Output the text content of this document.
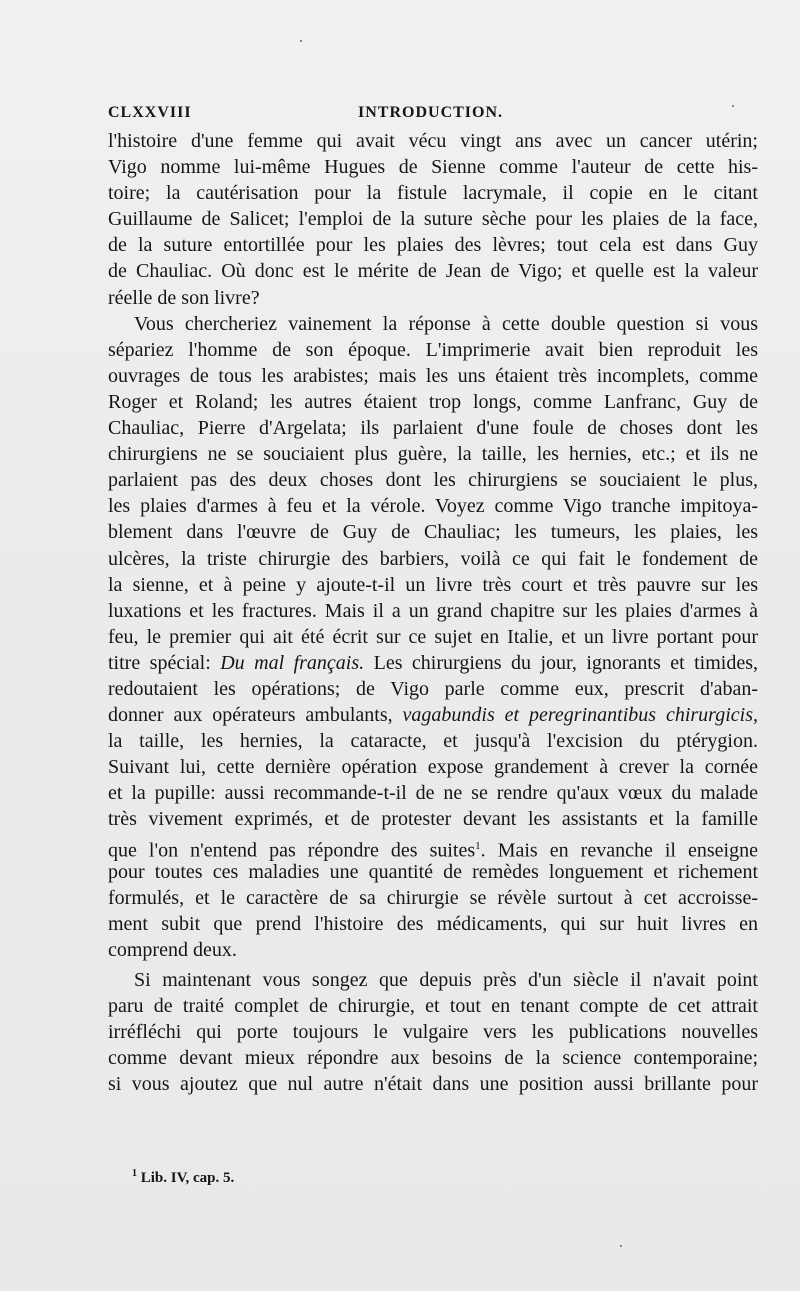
CLXXVIII	INTRODUCTION.
l'histoire d'une femme qui avait vécu vingt ans avec un cancer utérin;
Vigo nomme lui-même Hugues de Sienne comme l'auteur de cette his-
toire; la cautérisation pour la fistule lacrymale, il copie en le citant
Guillaume de Salicet; l'emploi de la suture sèche pour les plaies de la face,
de la suture entortillée pour les plaies des lèvres; tout cela est dans Guy
de Chauliac. Où donc est le mérite de Jean de Vigo; et quelle est la valeur
réelle de son livre?
Vous chercheriez vainement la réponse à cette double question si vous
sépariez l'homme de son époque. L'imprimerie avait bien reproduit les
ouvrages de tous les arabistes; mais les uns étaient très incomplets, comme
Roger et Roland; les autres étaient trop longs, comme Lanfranc, Guy de
Chauliac, Pierre d'Argelata; ils parlaient d'une foule de choses dont les
chirurgiens ne se souciaient plus guère, la taille, les hernies, etc.; et ils ne
parlaient pas des deux choses dont les chirurgiens se souciaient le plus,
les plaies d'armes à feu et la vérole. Voyez comme Vigo tranche impitoya-
blement dans l'œuvre de Guy de Chauliac; les tumeurs, les plaies, les
ulcères, la triste chirurgie des barbiers, voilà ce qui fait le fondement de
la sienne, et à peine y ajoute-t-il un livre très court et très pauvre sur les
luxations et les fractures. Mais il a un grand chapitre sur les plaies d'armes à
feu, le premier qui ait été écrit sur ce sujet en Italie, et un livre portant pour
titre spécial: Du mal français. Les chirurgiens du jour, ignorants et timides,
redoutaient les opérations; de Vigo parle comme eux, prescrit d'aban-
donner aux opérateurs ambulants, vagabundis et peregrinantibus chirurgicis,
la taille, les hernies, la cataracte, et jusqu'à l'excision du ptérygion.
Suivant lui, cette dernière opération expose grandement à crever la cornée
et la pupille: aussi recommande-t-il de ne se rendre qu'aux vœux du malade
très vivement exprimés, et de protester devant les assistants et la famille
que l'on n'entend pas répondre des suites$^1$. Mais en revanche il enseigne
pour toutes ces maladies une quantité de remèdes longuement et richement
formulés, et le caractère de sa chirurgie se révèle surtout à cet accroisse-
ment subit que prend l'histoire des médicaments, qui sur huit livres en
comprend deux.
Si maintenant vous songez que depuis près d'un siècle il n'avait point
paru de traité complet de chirurgie, et tout en tenant compte de cet attrait
irréfléchi qui porte toujours le vulgaire vers les publications nouvelles
comme devant mieux répondre aux besoins de la science contemporaine;
si vous ajoutez que nul autre n'était dans une position aussi brillante pour
$^1$ Lib. IV, cap. 5.
